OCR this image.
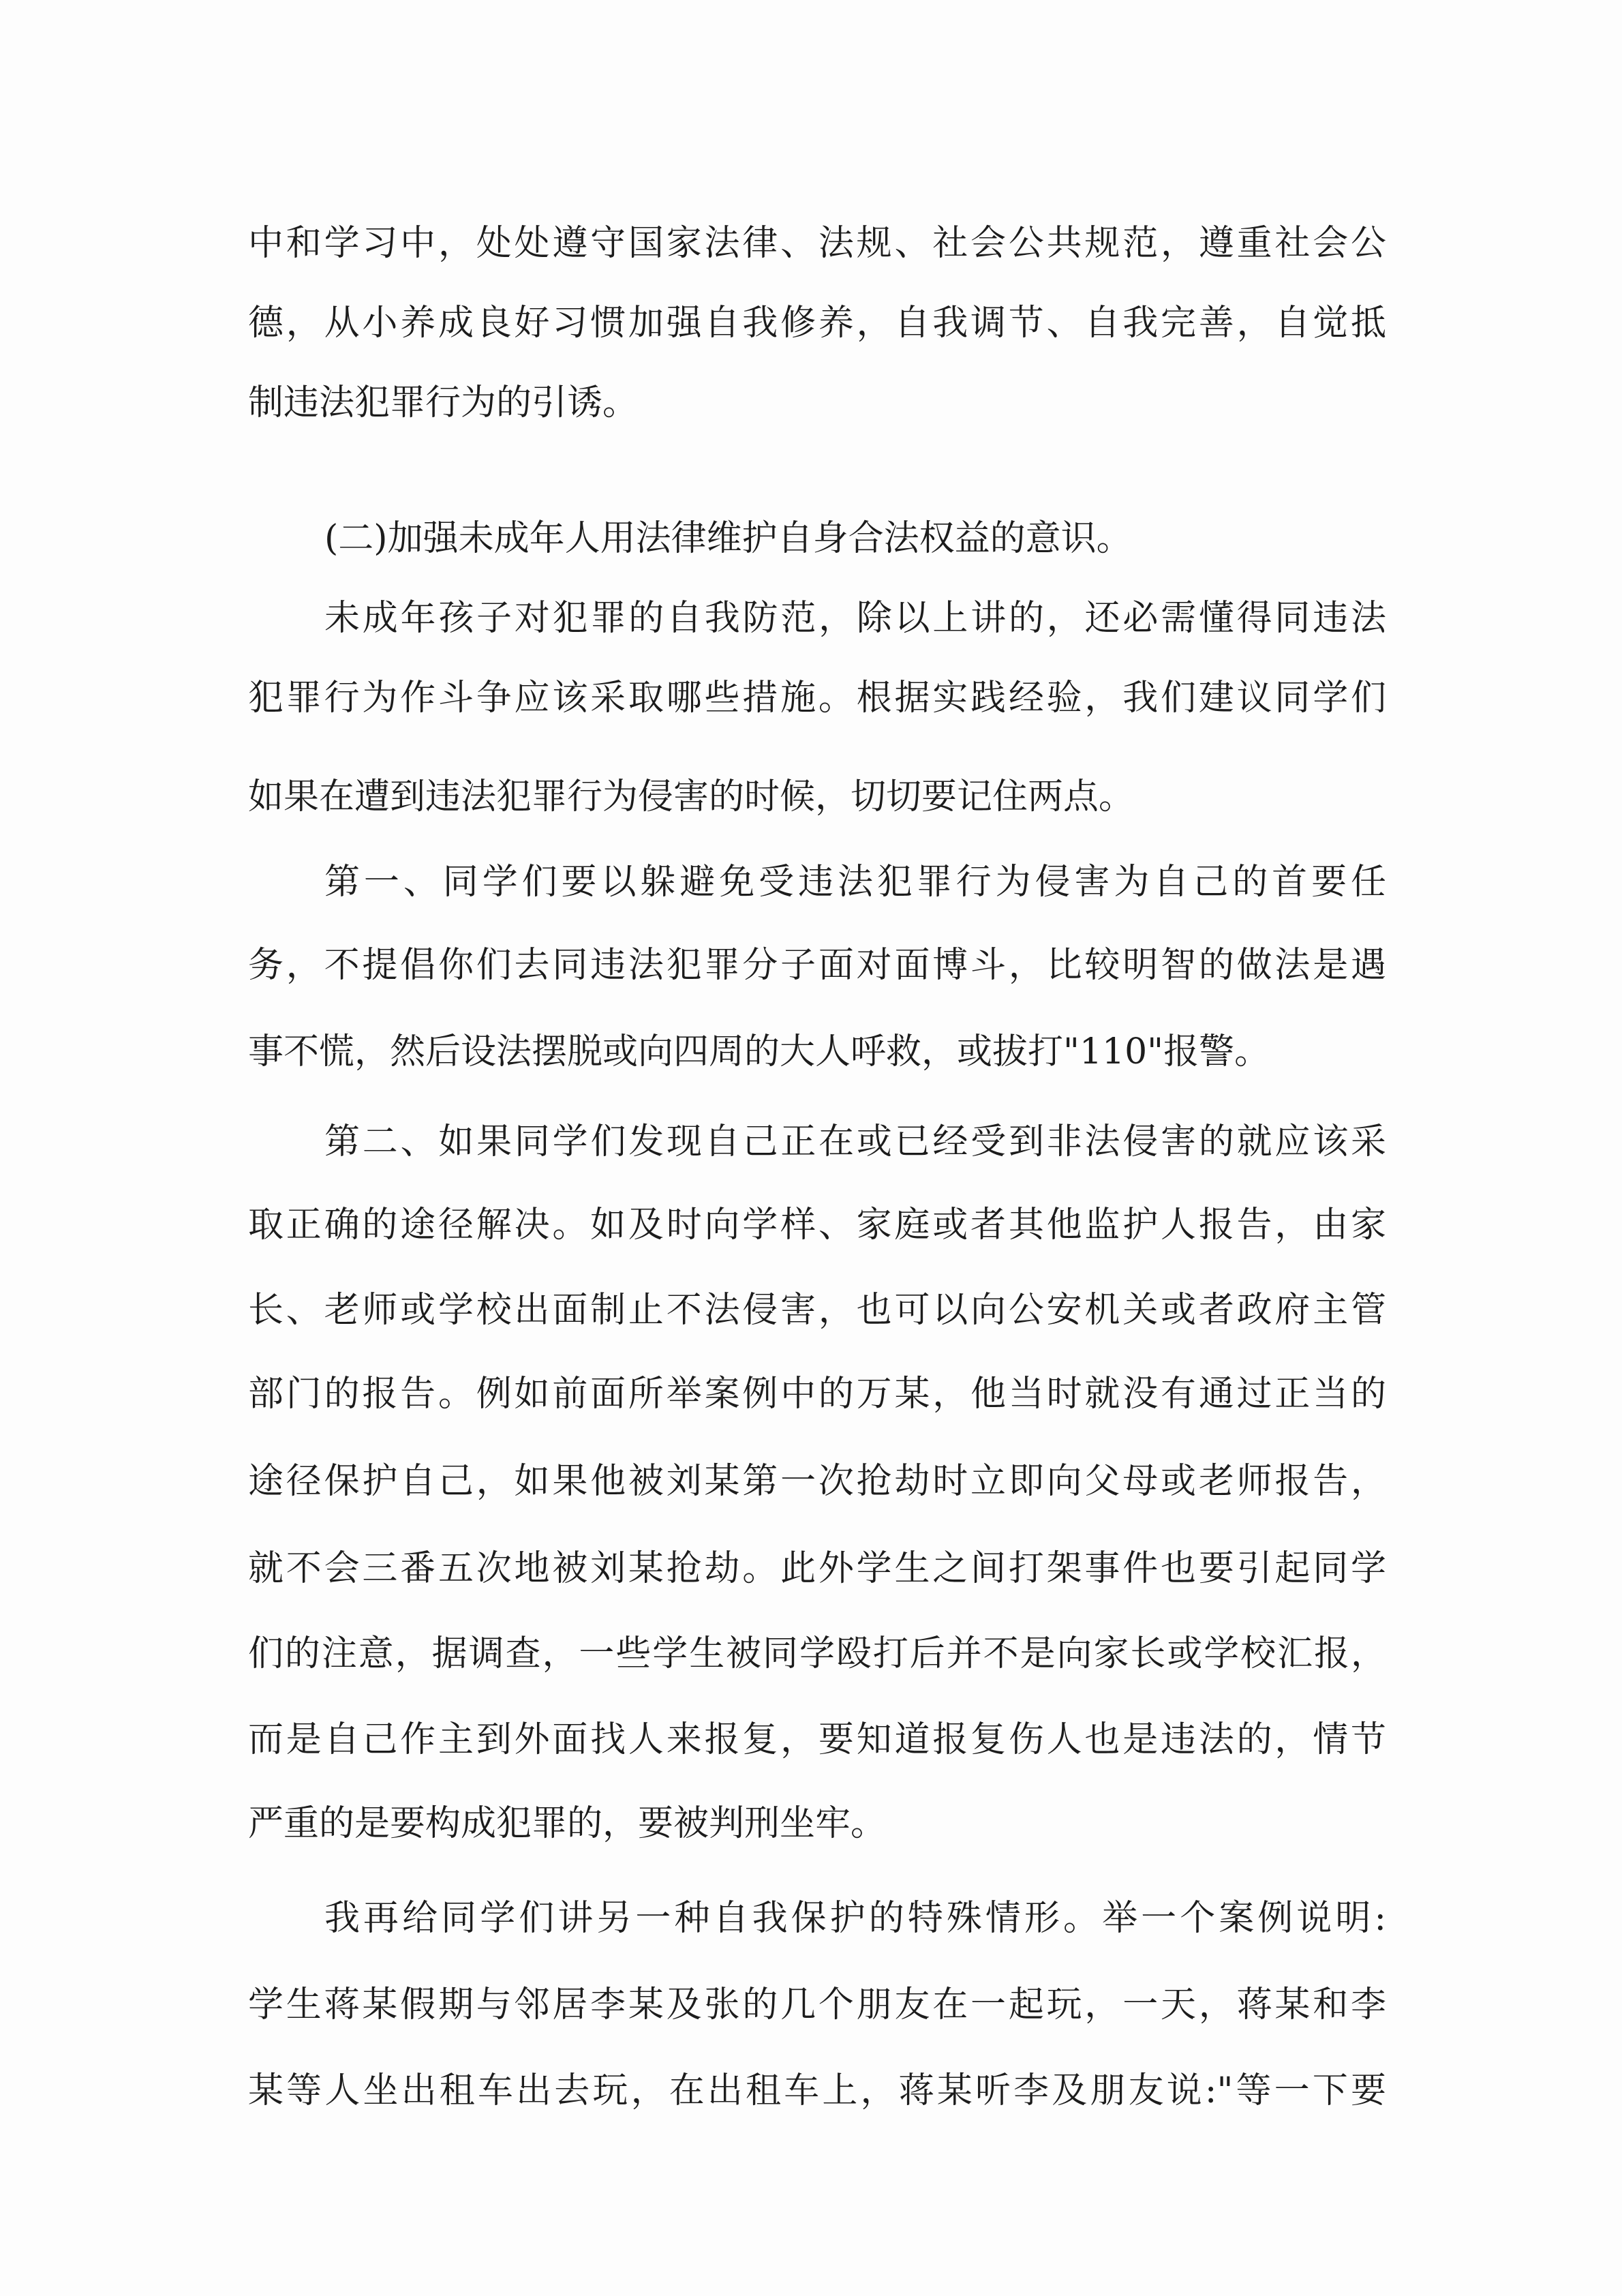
中和学习中，处处遵守国家法律、法规、社会公共规范，遵重社会公
德，从小养成良好习惯加强自我修养，自我调节、自我完善，自觉抵
制违法犯罪行为的引诱。
(二)加强未成年人用法律维护自身合法权益的意识。
未成年孩子对犯罪的自我防范，除以上讲的，还必需懂得同违法
犯罪行为作斗争应该采取哪些措施。根据实践经验，我们建议同学们
如果在遭到违法犯罪行为侵害的时候，切切要记住两点。
第一、同学们要以躲避免受违法犯罪行为侵害为自己的首要任
务，不提倡你们去同违法犯罪分子面对面博斗，比较明智的做法是遇
事不慌，然后设法摆脱或向四周的大人呼救，或拔打"110"报警。
第二、如果同学们发现自己正在或已经受到非法侵害的就应该采
取正确的途径解决。如及时向学样、家庭或者其他监护人报告，由家
长、老师或学校出面制止不法侵害，也可以向公安机关或者政府主管
部门的报告。例如前面所举案例中的万某，他当时就没有通过正当的
途径保护自己，如果他被刘某第一次抢劫时立即向父母或老师报告，
就不会三番五次地被刘某抢劫。此外学生之间打架事件也要引起同学
们的注意，据调查，一些学生被同学殴打后并不是向家长或学校汇报，
而是自己作主到外面找人来报复，要知道报复伤人也是违法的，情节
严重的是要构成犯罪的，要被判刑坐牢。
我再给同学们讲另一种自我保护的特殊情形。举一个案例说明:
学生蒋某假期与邻居李某及张的几个朋友在一起玩，一天，蒋某和李
某等人坐出租车出去玩，在出租车上，蒋某听李及朋友说:"等一下要
